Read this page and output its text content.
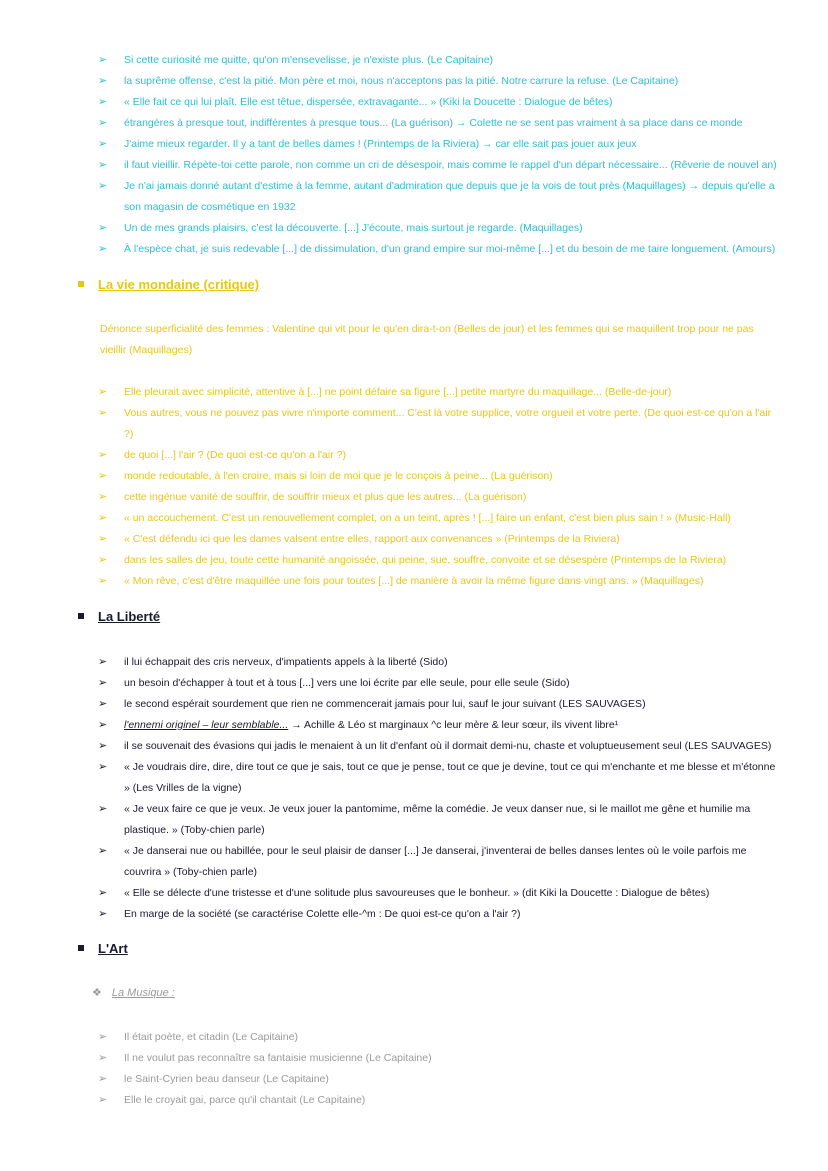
➢ Si cette curiosité me quitte, qu'on m'ensevelisse, je n'existe plus. (Le Capitaine)
➢ la suprême offense, c'est la pitié. Mon père et moi, nous n'acceptons pas la pitié. Notre carrure la refuse. (Le Capitaine)
➢ « Elle fait ce qui lui plaît. Elle est têtue, dispersée, extravagante... » (Kiki la Doucette : Dialogue de bêtes)
➢ étrangères à presque tout, indifférentes à presque tous... (La guérison) → Colette ne se sent pas vraiment à sa place dans ce monde
➢ J'aime mieux regarder. Il y a tant de belles dames ! (Printemps de la Riviera) → car elle sait pas jouer aux jeux
➢ il faut vieillir. Répète-toi cette parole, non comme un cri de désespoir, mais comme le rappel d'un départ nécessaire... (Rêverie de nouvel an)
➢ Je n'ai jamais donné autant d'estime à la femme, autant d'admiration que depuis que je la vois de tout près (Maquillages) → depuis qu'elle a son magasin de cosmétique en 1932
➢ Un de mes grands plaisirs, c'est la découverte. [...] J'écoute, mais surtout je regarde. (Maquillages)
➢ À l'espèce chat, je suis redevable [...] de dissimulation, d'un grand empire sur moi-même [...] et du besoin de me taire longuement. (Amours)
La vie mondaine (critique)
Dénonce superficialité des femmes : Valentine qui vit pour le qu'en dira-t-on (Belles de jour) et les femmes qui se maquillent trop pour ne pas vieillir (Maquillages)
➢ Elle pleurait avec simplicité, attentive à [...] ne point défaire sa figure [...] petite martyre du maquillage... (Belle-de-jour)
➢ Vous autres, vous ne pouvez pas vivre n'importe comment... C'est là votre supplice, votre orgueil et votre perte. (De quoi est-ce qu'on a l'air ?)
➢ de quoi [...] l'air ? (De quoi est-ce qu'on a l'air ?)
➢ monde redoutable, à l'en croire, mais si loin de moi que je le conçois à peine... (La guérison)
➢ cette ingénue vanité de souffrir, de souffrir mieux et plus que les autres... (La guérison)
➢ « un accouchement. C'est un renouvellement complet, on a un teint, après ! [...] faire un enfant, c'est bien plus sain ! » (Music-Hall)
➢ « C'est défendu ici que les dames valsent entre elles, rapport aux convenances » (Printemps de la Riviera)
➢ dans les salles de jeu, toute cette humanité angoissée, qui peine, sue, souffre, convoite et se désespère (Printemps de la Riviera)
➢ « Mon rêve, c'est d'être maquillée une fois pour toutes [...] de manière à avoir la même figure dans vingt ans. » (Maquillages)
La Liberté
➢ il lui échappait des cris nerveux, d'impatients appels à la liberté (Sido)
➢ un besoin d'échapper à tout et à tous [...] vers une loi écrite par elle seule, pour elle seule (Sido)
➢ le second espérait sourdement que rien ne commencerait jamais pour lui, sauf le jour suivant (LES SAUVAGES)
➢ l'ennemi originel – leur semblable... → Achille & Léo st marginaux ^c leur mère & leur sœur, ils vivent libre¹
➢ il se souvenait des évasions qui jadis le menaient à un lit d'enfant où il dormait demi-nu, chaste et voluptueusement seul (LES SAUVAGES)
➢ « Je voudrais dire, dire, dire tout ce que je sais, tout ce que je pense, tout ce que je devine, tout ce qui m'enchante et me blesse et m'étonne » (Les Vrilles de la vigne)
➢ « Je veux faire ce que je veux. Je veux jouer la pantomime, même la comédie. Je veux danser nue, si le maillot me gêne et humilie ma plastique. » (Toby-chien parle)
➢ « Je danserai nue ou habillée, pour le seul plaisir de danser [...] Je danserai, j'inventerai de belles danses lentes où le voile parfois me couvrira » (Toby-chien parle)
➢ « Elle se délecte d'une tristesse et d'une solitude plus savoureuses que le bonheur. » (dit Kiki la Doucette : Dialogue de bêtes)
➢ En marge de la société (se caractérise Colette elle-^m : De quoi est-ce qu'on a l'air ?)
L'Art
❖ La Musique :
➢ Il était poète, et citadin (Le Capitaine)
➢ Il ne voulut pas reconnaître sa fantaisie musicienne (Le Capitaine)
➢ le Saint-Cyrien beau danseur (Le Capitaine)
➢ Elle le croyait gai, parce qu'il chantait (Le Capitaine)
